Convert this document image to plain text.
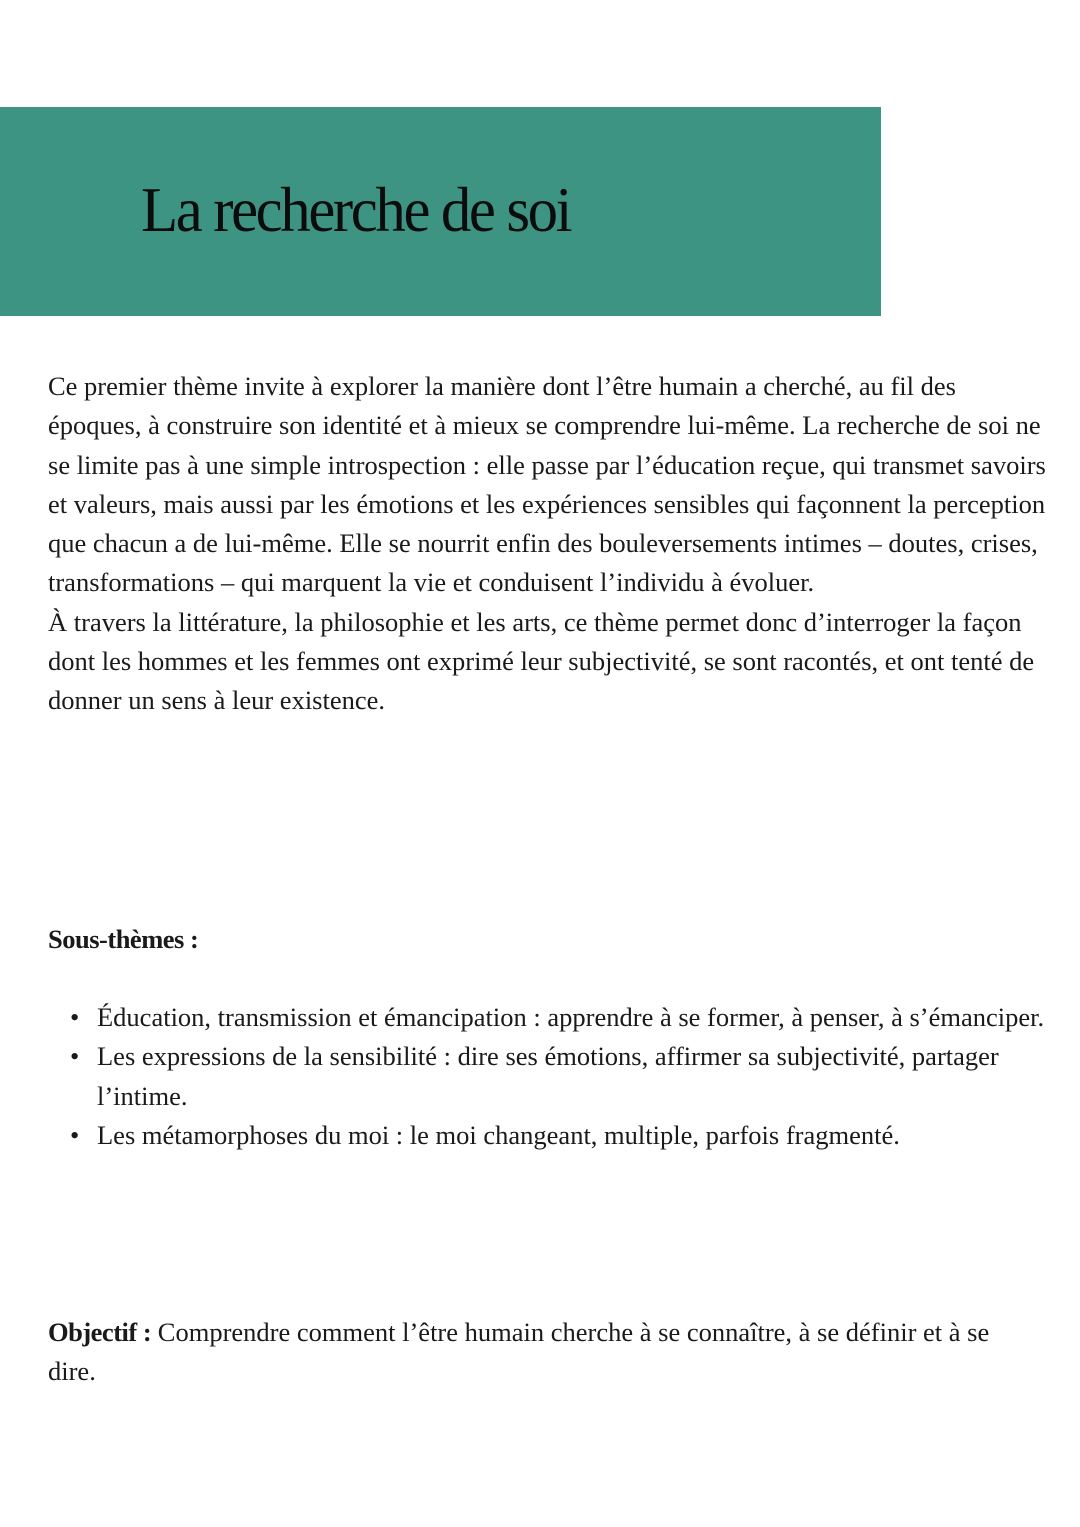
La recherche de soi

Ce premier thème invite à explorer la manière dont l’être humain a cherché, au fil des époques, à construire son identité et à mieux se comprendre lui-même. La recherche de soi ne se limite pas à une simple introspection : elle passe par l’éducation reçue, qui transmet savoirs et valeurs, mais aussi par les émotions et les expériences sensibles qui façonnent la perception que chacun a de lui-même. Elle se nourrit enfin des bouleversements intimes – doutes, crises, transformations – qui marquent la vie et conduisent l’individu à évoluer.

À travers la littérature, la philosophie et les arts, ce thème permet donc d’interroger la façon dont les hommes et les femmes ont exprimé leur subjectivité, se sont racontés, et ont tenté de donner un sens à leur existence.

Sous-thèmes :
• Éducation, transmission et émancipation : apprendre à se former, à penser, à s’émanciper.
• Les expressions de la sensibilité : dire ses émotions, affirmer sa subjectivité, partager l’intime.
• Les métamorphoses du moi : le moi changeant, multiple, parfois fragmenté.

Objectif : Comprendre comment l’être humain cherche à se connaître, à se définir et à se dire.
